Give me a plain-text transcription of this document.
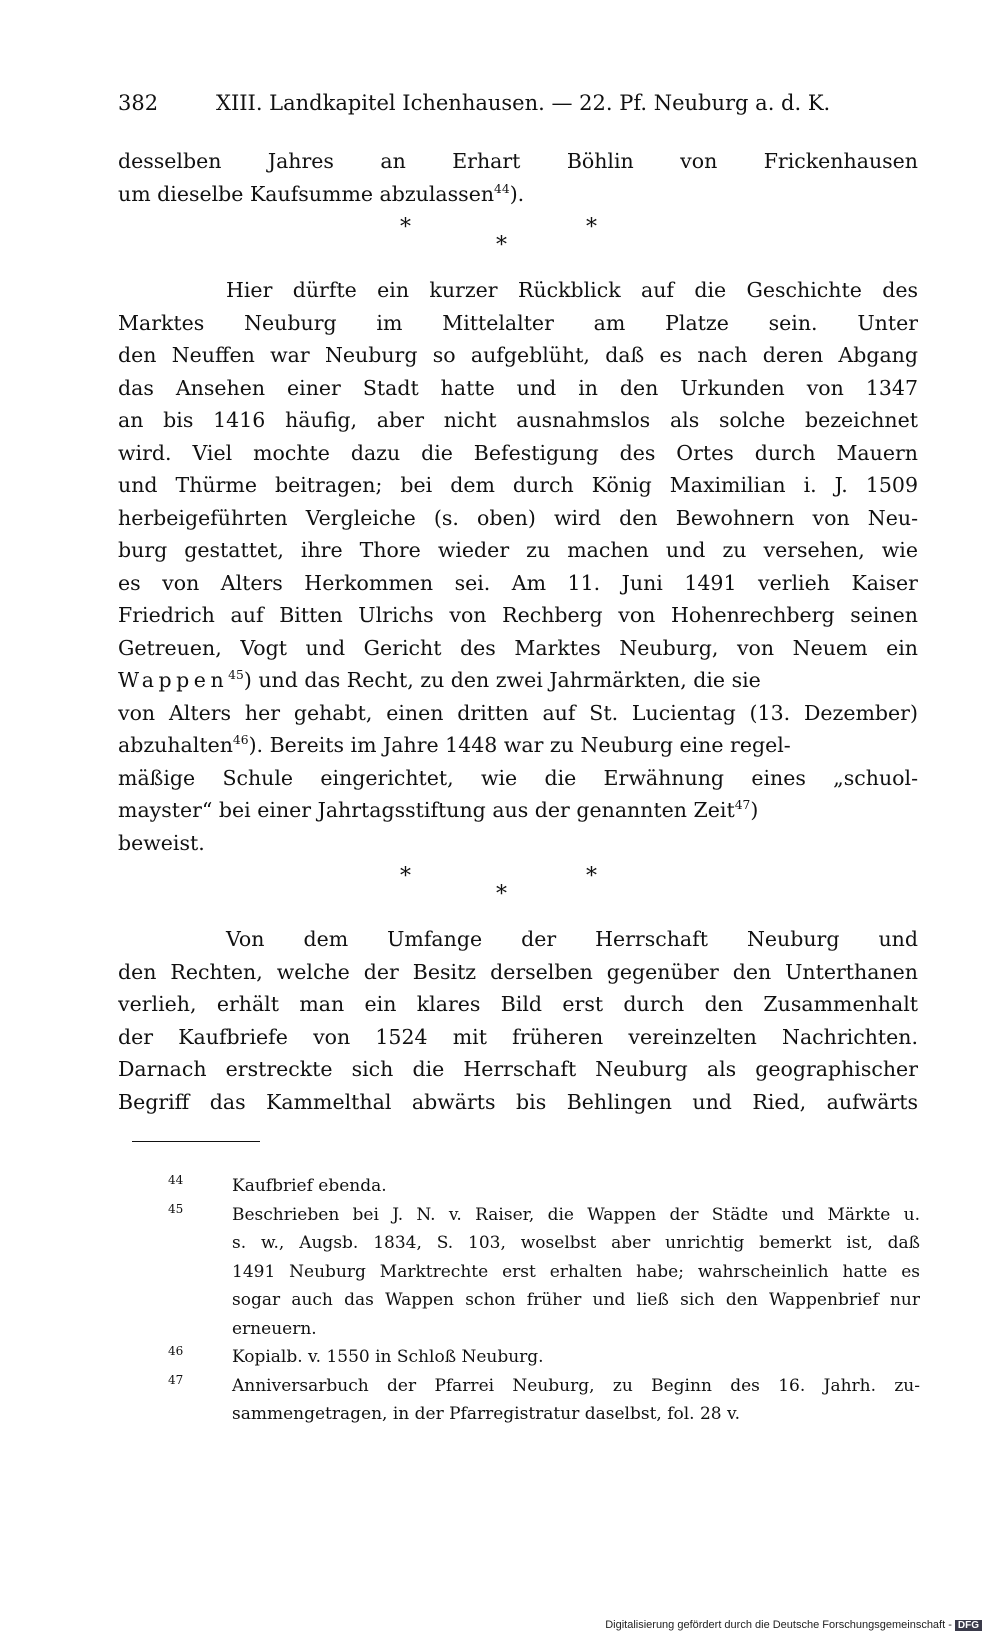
382	XIII. Landkapitel Ichenhausen. — 22. Pf. Neuburg a. d. K.
desselben Jahres an Erhart Böhlin von Frickenhausen
um dieselbe Kaufsumme abzulassen$^{44}$).
*
*
*
Hier dürfte ein kurzer Rückblick auf die Geschichte des
Marktes Neuburg im Mittelalter am Platze sein. Unter
den Neuffen war Neuburg so aufgeblüht, daß es nach deren Abgang
das Ansehen einer Stadt hatte und in den Urkunden von 1347
an bis 1416 häufig, aber nicht ausnahmslos als solche bezeichnet
wird. Viel mochte dazu die Befestigung des Ortes durch Mauern
und Thürme beitragen; bei dem durch König Maximilian i. J. 1509
herbeigeführten Vergleiche (s. oben) wird den Bewohnern von Neu-
burg gestattet, ihre Thore wieder zu machen und zu versehen, wie
es von Alters Herkommen sei. Am 11. Juni 1491 verlieh Kaiser
Friedrich auf Bitten Ulrichs von Rechberg von Hohenrechberg seinen
Getreuen, Vogt und Gericht des Marktes Neuburg, von Neuem ein
Wappen$^{45}$) und das Recht, zu den zwei Jahrmärkten, die sie
von Alters her gehabt, einen dritten auf St. Lucientag (13. Dezember)
abzuhalten$^{46}$). Bereits im Jahre 1448 war zu Neuburg eine regel-
mäßige Schule eingerichtet, wie die Erwähnung eines „schuol-
mayster“ bei einer Jahrtagsstiftung aus der genannten Zeit$^{47}$)
beweist.
*
*
*
Von dem Umfange der Herrschaft Neuburg und
den Rechten, welche der Besitz derselben gegenüber den Unterthanen
verlieh, erhält man ein klares Bild erst durch den Zusammenhalt
der Kaufbriefe von 1524 mit früheren vereinzelten Nachrichten.
Darnach erstreckte sich die Herrschaft Neuburg als geographischer
Begriff das Kammelthal abwärts bis Behlingen und Ried, aufwärts
44	Kaufbrief ebenda.
45	Beschrieben bei J. N. v. Raiser, die Wappen der Städte und Märkte u.
s. w., Augsb. 1834, S. 103, woselbst aber unrichtig bemerkt ist, daß
1491 Neuburg Marktrechte erst erhalten habe; wahrscheinlich hatte es
sogar auch das Wappen schon früher und ließ sich den Wappenbrief nur
erneuern.
46	Kopialb. v. 1550 in Schloß Neuburg.
47	Anniversarbuch der Pfarrei Neuburg, zu Beginn des 16. Jahrh. zu-
sammengetragen, in der Pfarregistratur daselbst, fol. 28 v.
Digitalisierung gefördert durch die Deutsche Forschungsgemeinschaft - DFG
